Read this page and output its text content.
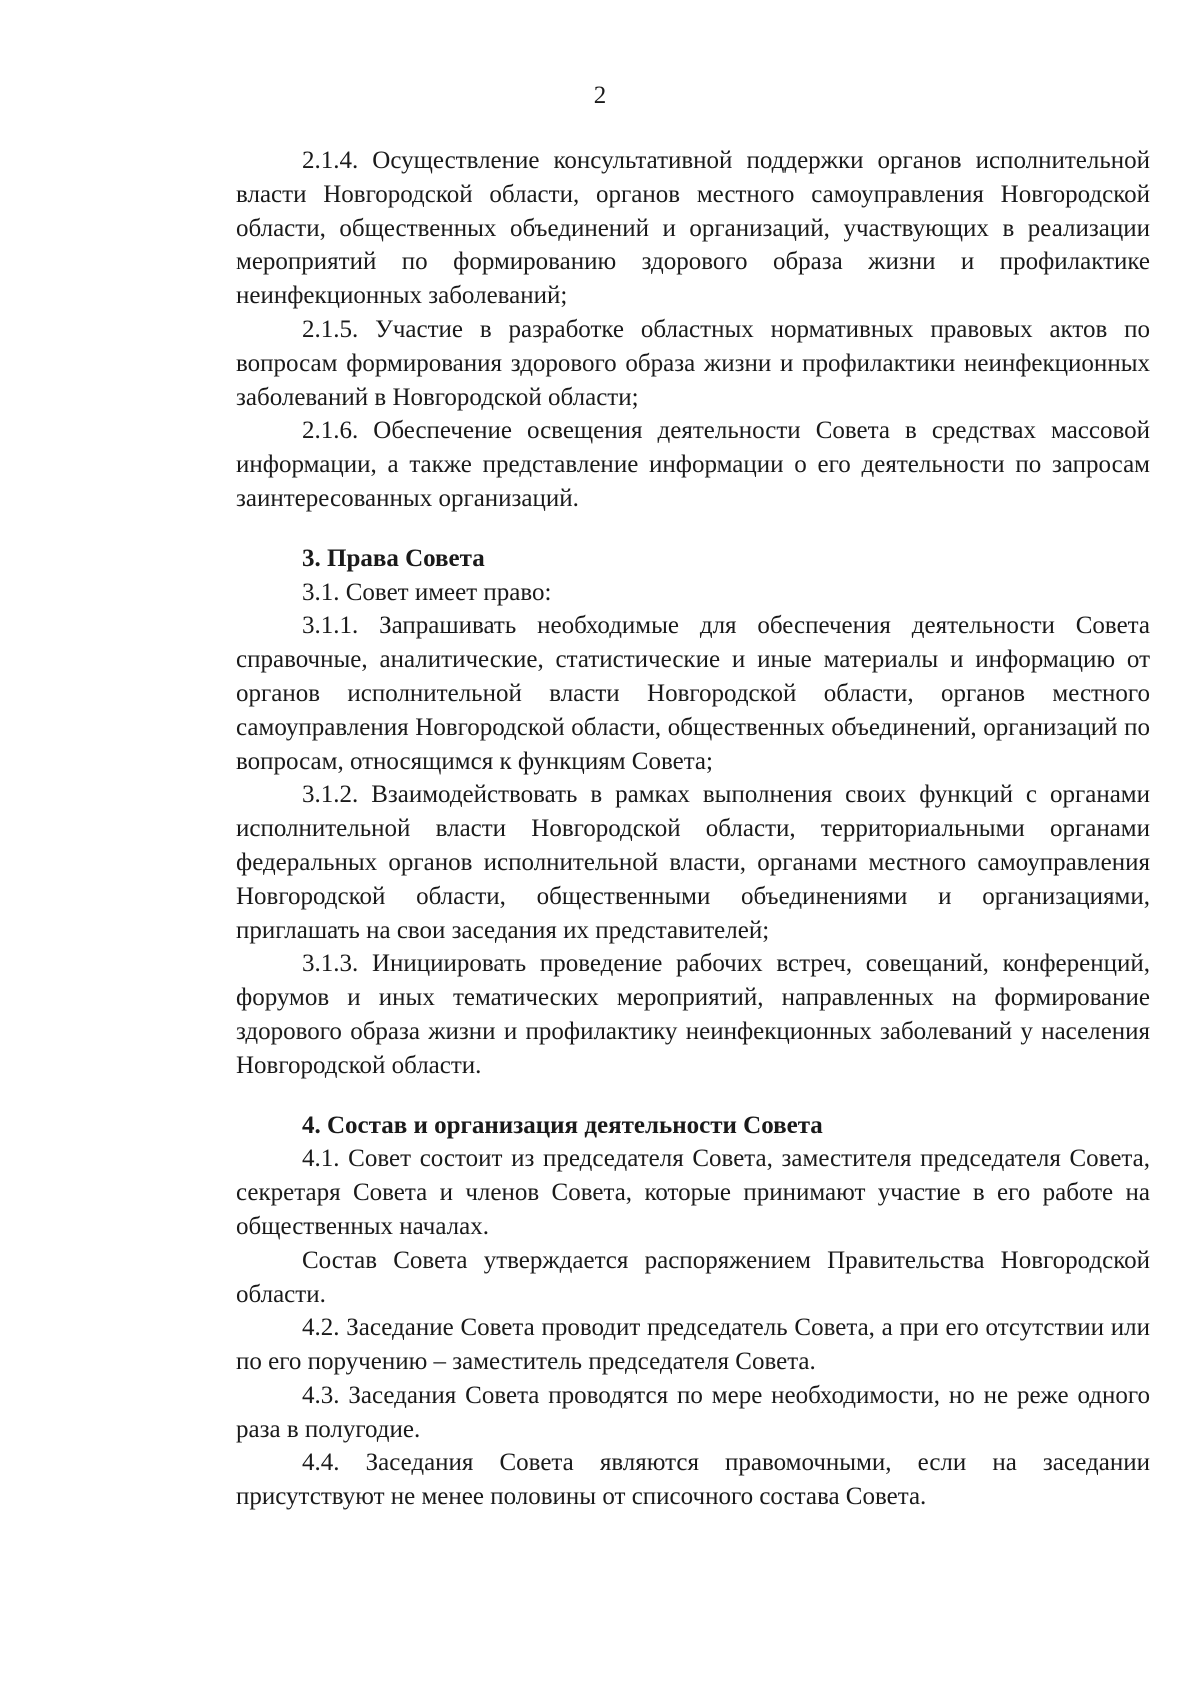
2

2.1.4. Осуществление консультативной поддержки органов исполнительной власти Новгородской области, органов местного самоуправления Новгородской области, общественных объединений и организаций, участвующих в реализации мероприятий по формированию здорового образа жизни и профилактике неинфекционных заболеваний;

2.1.5. Участие в разработке областных нормативных правовых актов по вопросам формирования здорового образа жизни и профилактики неинфекционных заболеваний в Новгородской области;

2.1.6. Обеспечение освещения деятельности Совета в средствах массовой информации, а также представление информации о его деятельности по запросам заинтересованных организаций.

3. Права Совета

3.1. Совет имеет право:

3.1.1. Запрашивать необходимые для обеспечения деятельности Совета справочные, аналитические, статистические и иные материалы и информацию от органов исполнительной власти Новгородской области, органов местного самоуправления Новгородской области, общественных объединений, организаций по вопросам, относящимся к функциям Совета;

3.1.2. Взаимодействовать в рамках выполнения своих функций с органами исполнительной власти Новгородской области, территориальными органами федеральных органов исполнительной власти, органами местного самоуправления Новгородской области, общественными объединениями и организациями, приглашать на свои заседания их представителей;

3.1.3. Инициировать проведение рабочих встреч, совещаний, конференций, форумов и иных тематических мероприятий, направленных на формирование здорового образа жизни и профилактику неинфекционных заболеваний у населения Новгородской области.

4. Состав и организация деятельности Совета

4.1. Совет состоит из председателя Совета, заместителя председателя Совета, секретаря Совета и членов Совета, которые принимают участие в его работе на общественных началах.

Состав Совета утверждается распоряжением Правительства Новгородской области.

4.2. Заседание Совета проводит председатель Совета, а при его отсутствии или по его поручению – заместитель председателя Совета.

4.3. Заседания Совета проводятся по мере необходимости, но не реже одного раза в полугодие.

4.4. Заседания Совета являются правомочными, если на заседании присутствуют не менее половины от списочного состава Совета.
